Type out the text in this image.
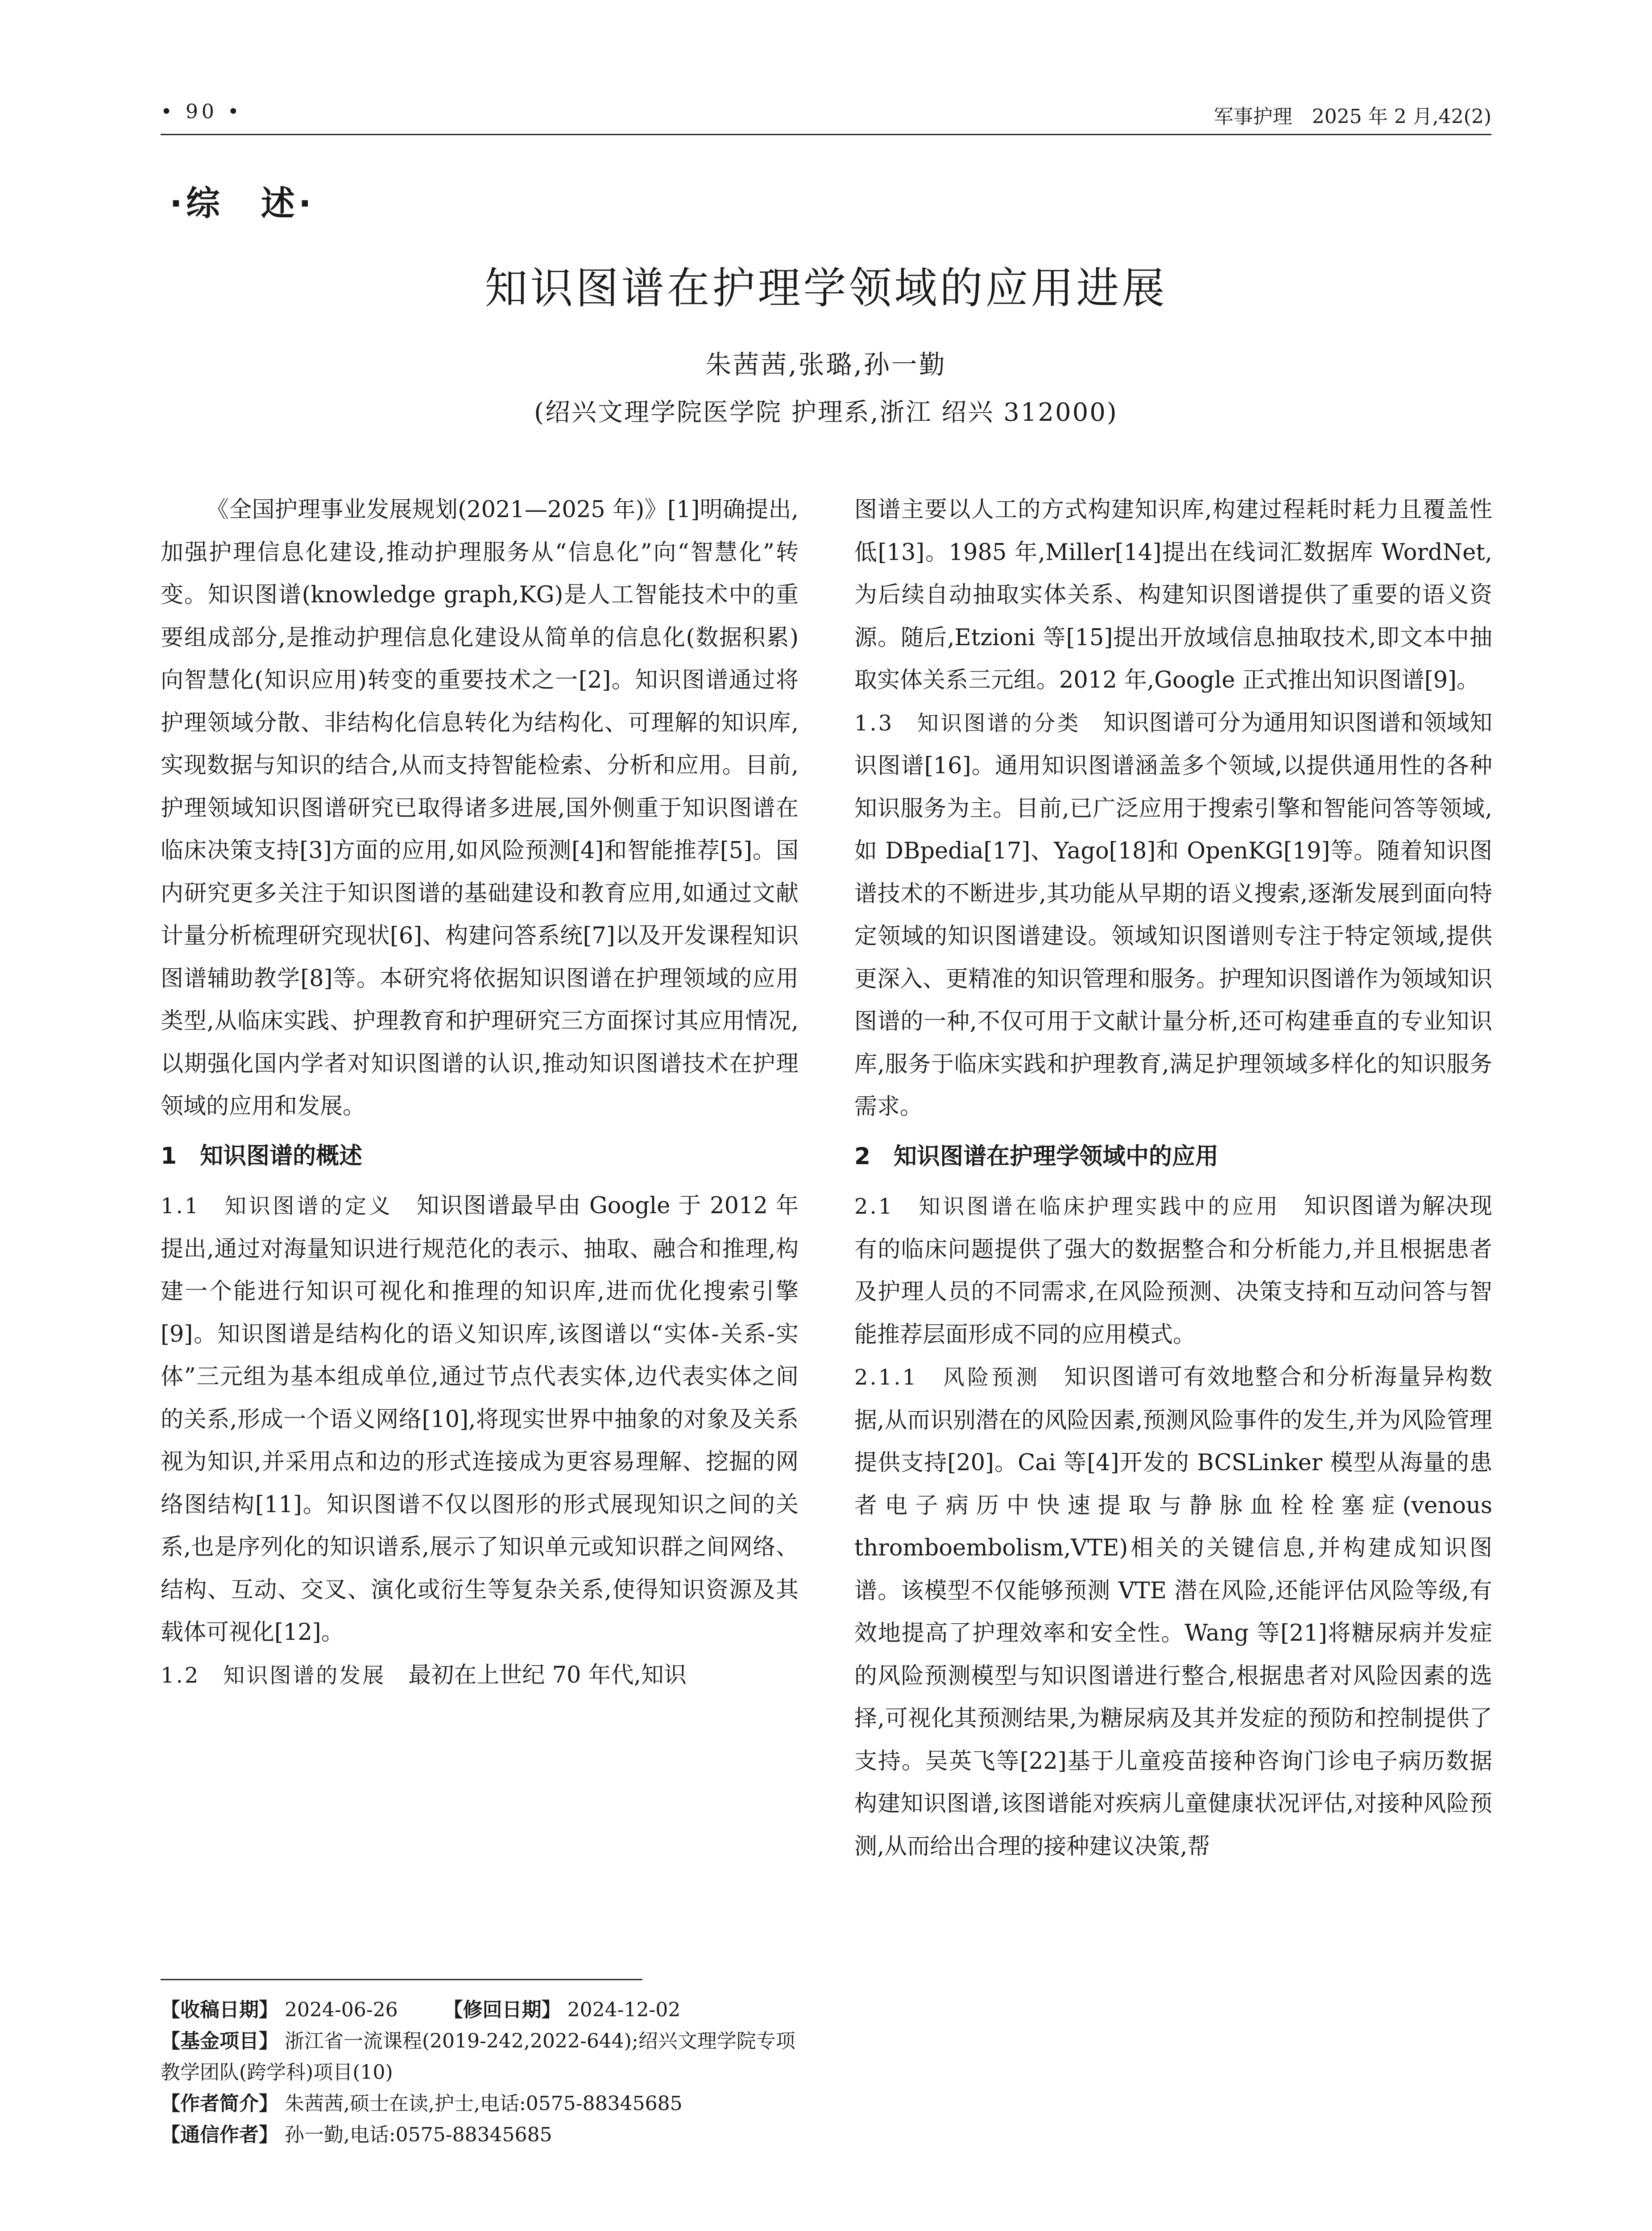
• 90 •	军事护理　2025 年 2 月,42(2)
·综　述·
知识图谱在护理学领域的应用进展
朱茜茜,张璐,孙一勤
(绍兴文理学院医学院 护理系,浙江 绍兴 312000)

《全国护理事业发展规划(2021—2025 年)》[1]明确提出,加强护理信息化建设,推动护理服务从“信息化”向“智慧化”转变。知识图谱(knowledge graph,KG)是人工智能技术中的重要组成部分,是推动护理信息化建设从简单的信息化(数据积累)向智慧化(知识应用)转变的重要技术之一[2]。知识图谱通过将护理领域分散、非结构化信息转化为结构化、可理解的知识库,实现数据与知识的结合,从而支持智能检索、分析和应用。目前,护理领域知识图谱研究已取得诸多进展,国外侧重于知识图谱在临床决策支持[3]方面的应用,如风险预测[4]和智能推荐[5]。国内研究更多关注于知识图谱的基础建设和教育应用,如通过文献计量分析梳理研究现状[6]、构建问答系统[7]以及开发课程知识图谱辅助教学[8]等。本研究将依据知识图谱在护理领域的应用类型,从临床实践、护理教育和护理研究三方面探讨其应用情况,以期强化国内学者对知识图谱的认识,推动知识图谱技术在护理领域的应用和发展。

1　知识图谱的概述

1.1　知识图谱的定义　 知识图谱最早由 Google 于 2012 年提出,通过对海量知识进行规范化的表示、抽取、融合和推理,构建一个能进行知识可视化和推理的知识库,进而优化搜索引擎[9]。知识图谱是结构化的语义知识库,该图谱以“实体-关系-实体”三元组为基本组成单位,通过节点代表实体,边代表实体之间的关系,形成一个语义网络[10],将现实世界中抽象的对象及关系视为知识,并采用点和边的形式连接成为更容易理解、挖掘的网络图结构[11]。知识图谱不仅以图形的形式展现知识之间的关系,也是序列化的知识谱系,展示了知识单元或知识群之间网络、结构、互动、交叉、演化或衍生等复杂关系,使得知识资源及其载体可视化[12]。

1.2　知识图谱的发展　 最初在上世纪 70 年代,知识

【收稿日期】 2024-06-26　　 【修回日期】 2024-12-02

【基金项目】 浙江省一流课程(2019-242,2022-644);绍兴文理学院专项教学团队(跨学科)项目(10)

【作者简介】 朱茜茜,硕士在读,护士,电话:0575-88345685

【通信作者】 孙一勤,电话:0575-88345685

图谱主要以人工的方式构建知识库,构建过程耗时耗力且覆盖性低[13]。1985 年,Miller[14]提出在线词汇数据库 WordNet,为后续自动抽取实体关系、构建知识图谱提供了重要的语义资源。随后,Etzioni 等[15]提出开放域信息抽取技术,即文本中抽取实体关系三元组。2012 年,Google 正式推出知识图谱[9]。

1.3　知识图谱的分类　 知识图谱可分为通用知识图谱和领域知识图谱[16]。通用知识图谱涵盖多个领域,以提供通用性的各种知识服务为主。目前,已广泛应用于搜索引擎和智能问答等领域,如 DBpedia[17]、Yago[18]和 OpenKG[19]等。随着知识图谱技术的不断进步,其功能从早期的语义搜索,逐渐发展到面向特定领域的知识图谱建设。领域知识图谱则专注于特定领域,提供更深入、更精准的知识管理和服务。护理知识图谱作为领域知识图谱的一种,不仅可用于文献计量分析,还可构建垂直的专业知识库,服务于临床实践和护理教育,满足护理领域多样化的知识服务需求。

2　知识图谱在护理学领域中的应用

2.1　知识图谱在临床护理实践中的应用　 知识图谱为解决现有的临床问题提供了强大的数据整合和分析能力,并且根据患者及护理人员的不同需求,在风险预测、决策支持和互动问答与智能推荐层面形成不同的应用模式。

2.1.1　风险预测　 知识图谱可有效地整合和分析海量异构数据,从而识别潜在的风险因素,预测风险事件的发生,并为风险管理提供支持[20]。Cai 等[4]开发的 BCSLinker 模型从海量的患者电子病历中快速提取与静脉血栓栓塞症(venous thromboembolism,VTE)相关的关键信息,并构建成知识图谱。该模型不仅能够预测 VTE 潜在风险,还能评估风险等级,有效地提高了护理效率和安全性。Wang 等[21]将糖尿病并发症的风险预测模型与知识图谱进行整合,根据患者对风险因素的选择,可视化其预测结果,为糖尿病及其并发症的预防和控制提供了支持。吴英飞等[22]基于儿童疫苗接种咨询门诊电子病历数据构建知识图谱,该图谱能对疾病儿童健康状况评估,对接种风险预测,从而给出合理的接种建议决策,帮
